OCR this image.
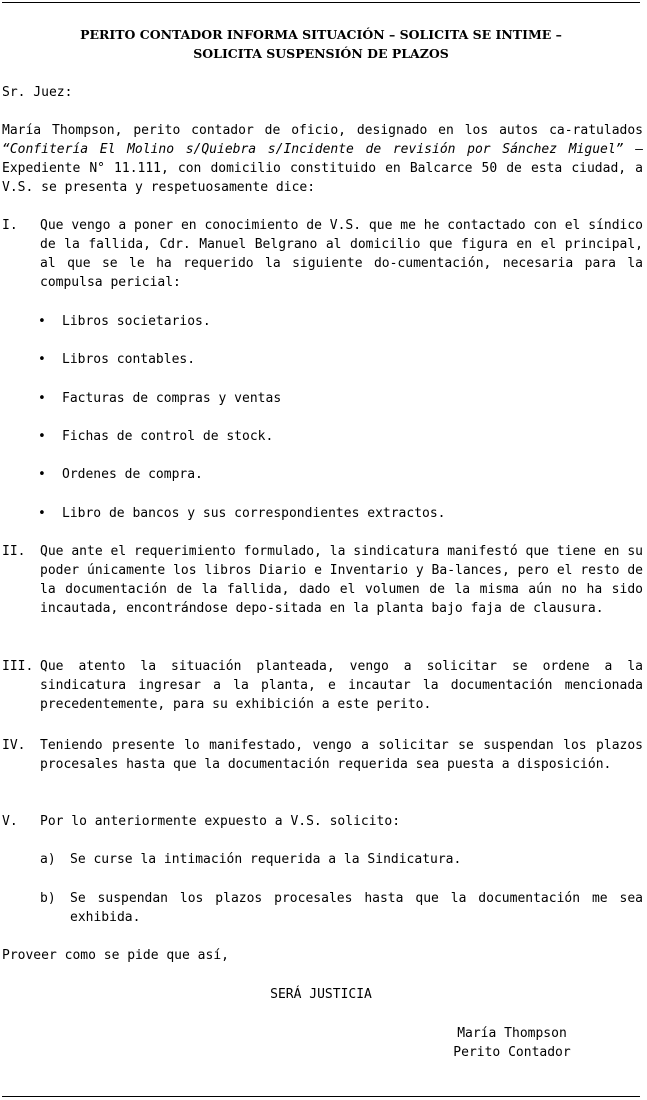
PERITO CONTADOR INFORMA SITUACIÓN – SOLICITA SE INTIME –
SOLICITA SUSPENSIÓN DE PLAZOS
Sr. Juez:
María Thompson, perito contador de oficio, designado en los autos ca-ratulados “Confitería El Molino s/Quiebra s/Incidente de revisión por Sánchez Miguel” – Expediente N° 11.111, con domicilio constituido en Balcarce 50 de esta ciudad, a V.S. se presenta y respetuosamente dice:
I. Que vengo a poner en conocimiento de V.S. que me he contactado con el síndico de la fallida, Cdr. Manuel Belgrano al domicilio que figura en el principal, al que se le ha requerido la siguiente do-cumentación, necesaria para la compulsa pericial:
• Libros societarios.
• Libros contables.
• Facturas de compras y ventas
• Fichas de control de stock.
• Ordenes de compra.
• Libro de bancos y sus correspondientes extractos.
II. Que ante el requerimiento formulado, la sindicatura manifestó que tiene en su poder únicamente los libros Diario e Inventario y Ba-lances, pero el resto de la documentación de la fallida, dado el volumen de la misma aún no ha sido incautada, encontrándose depo-sitada en la planta bajo faja de clausura.
III. Que atento la situación planteada, vengo a solicitar se ordene a la sindicatura ingresar a la planta, e incautar la documentación mencionada precedentemente, para su exhibición a este perito.
IV. Teniendo presente lo manifestado, vengo a solicitar se suspendan los plazos procesales hasta que la documentación requerida sea puesta a disposición.
V. Por lo anteriormente expuesto a V.S. solicito:
a) Se curse la intimación requerida a la Sindicatura.
b) Se suspendan los plazos procesales hasta que la documentación me sea exhibida.
Proveer como se pide que así,
SERÁ JUSTICIA
María Thompson
Perito Contador
